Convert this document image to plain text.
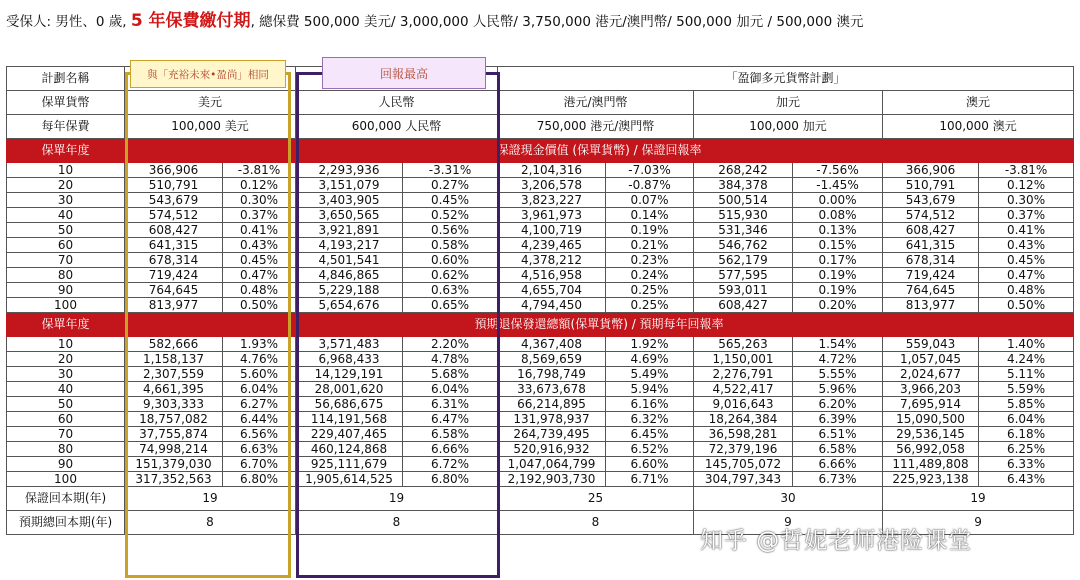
受保人: 男性、0 歲, 5 年保費繳付期, 總保費 500,000 美元/ 3,000,000 人民幣/ 3,750,000 港元/澳門幣/ 500,000 加元 / 500,000 澳元
計劃名稱					「盈御多元貨幣計劃」					
保單貨幣	美元		人民幣		港元/澳門幣		加元		澳元	
每年保費	100,000 美元		600,000 人民幣		750,000 港元/澳門幣		100,000 加元		100,000 澳元	
保單年度	保證現金價值 (保單貨幣) / 保證回報率									
10	366,906	-3.81%	2,293,936	-3.31%	2,104,316	-7.03%	268,242	-7.56%	366,906	-3.81%
20	510,791	0.12%	3,151,079	0.27%	3,206,578	-0.87%	384,378	-1.45%	510,791	0.12%
30	543,679	0.30%	3,403,905	0.45%	3,823,227	0.07%	500,514	0.00%	543,679	0.30%
40	574,512	0.37%	3,650,565	0.52%	3,961,973	0.14%	515,930	0.08%	574,512	0.37%
50	608,427	0.41%	3,921,891	0.56%	4,100,719	0.19%	531,346	0.13%	608,427	0.41%
60	641,315	0.43%	4,193,217	0.58%	4,239,465	0.21%	546,762	0.15%	641,315	0.43%
70	678,314	0.45%	4,501,541	0.60%	4,378,212	0.23%	562,179	0.17%	678,314	0.45%
80	719,424	0.47%	4,846,865	0.62%	4,516,958	0.24%	577,595	0.19%	719,424	0.47%
90	764,645	0.48%	5,229,188	0.63%	4,655,704	0.25%	593,011	0.19%	764,645	0.48%
100	813,977	0.50%	5,654,676	0.65%	4,794,450	0.25%	608,427	0.20%	813,977	0.50%
保單年度	預期退保發還總額(保單貨幣) / 預期每年回報率									
10	582,666	1.93%	3,571,483	2.20%	4,367,408	1.92%	565,263	1.54%	559,043	1.40%
20	1,158,137	4.76%	6,968,433	4.78%	8,569,659	4.69%	1,150,001	4.72%	1,057,045	4.24%
30	2,307,559	5.60%	14,129,191	5.68%	16,798,749	5.49%	2,276,791	5.55%	2,024,677	5.11%
40	4,661,395	6.04%	28,001,620	6.04%	33,673,678	5.94%	4,522,417	5.96%	3,966,203	5.59%
50	9,303,333	6.27%	56,686,675	6.31%	66,214,895	6.16%	9,016,643	6.20%	7,695,914	5.85%
60	18,757,082	6.44%	114,191,568	6.47%	131,978,937	6.32%	18,264,384	6.39%	15,090,500	6.04%
70	37,755,874	6.56%	229,407,465	6.58%	264,739,495	6.45%	36,598,281	6.51%	29,536,145	6.18%
80	74,998,214	6.63%	460,124,868	6.66%	520,916,932	6.52%	72,379,196	6.58%	56,992,058	6.25%
90	151,379,030	6.70%	925,111,679	6.72%	1,047,064,799	6.60%	145,705,072	6.66%	111,489,808	6.33%
100	317,352,563	6.80%	1,905,614,525	6.80%	2,192,903,730	6.71%	304,797,343	6.73%	225,923,138	6.43%
保證回本期(年)	19		19		25		30		19	
預期總回本期(年)	8		8		8		9		9	
與「充裕未來•盈尚」相同	回報最高
知乎 @哲妮老师港险课堂
